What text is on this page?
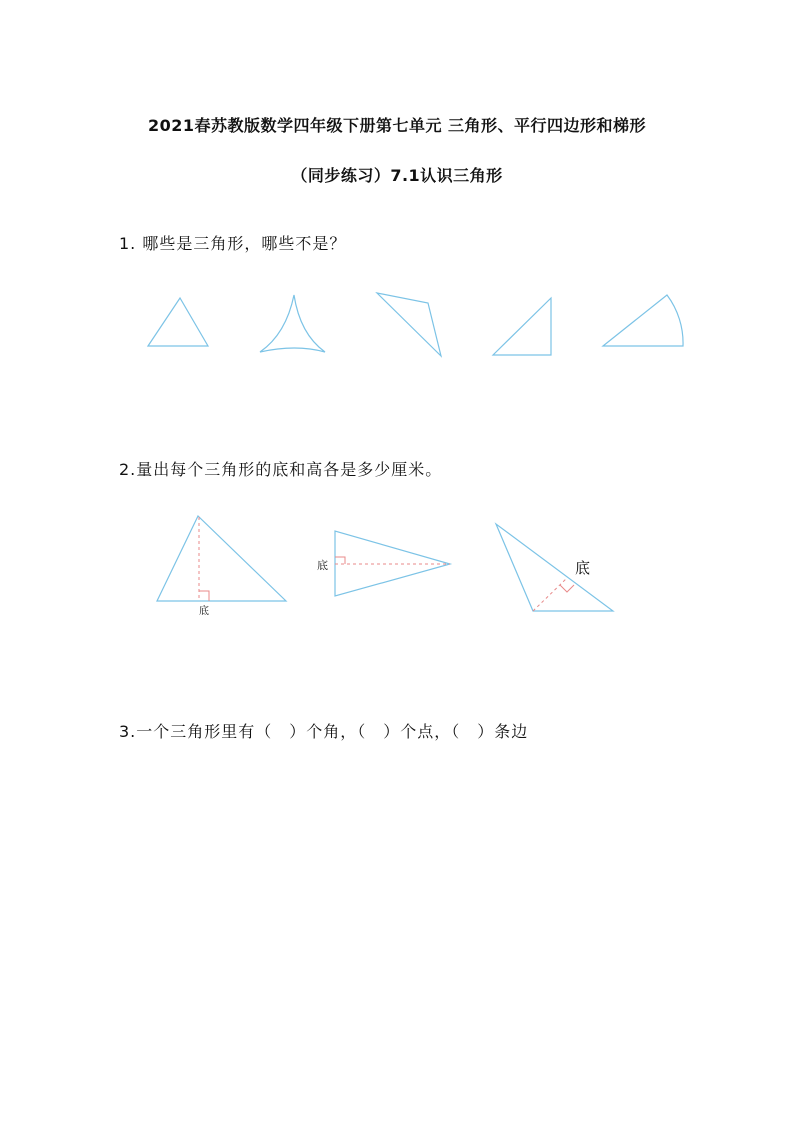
2021春苏教版数学四年级下册第七单元 三角形、平行四边形和梯形
（同步练习）7.1认识三角形
1. 哪些是三角形，哪些不是？
2.量出每个三角形的底和高各是多少厘米。
底
底	底
3.一个三角形里有（　）个角，（　）个点，（　）条边
